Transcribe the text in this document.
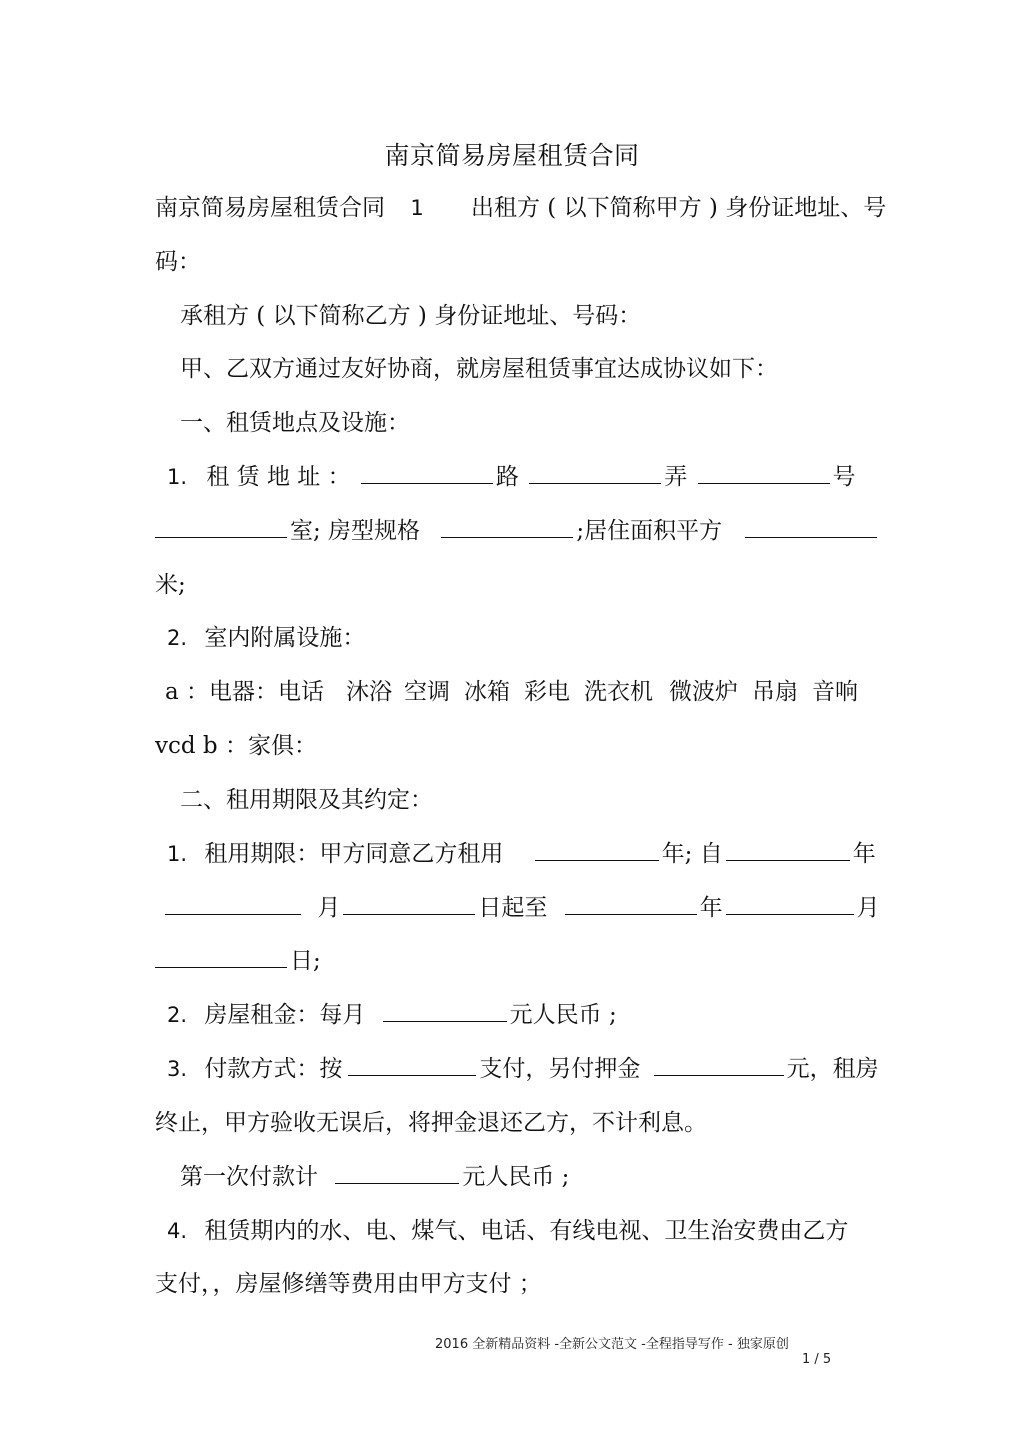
南京简易房屋租赁合同
南京简易房屋租赁合同 1 出租方 ( 以下简称甲方 ) 身份证地址、号
码：
承租方 ( 以下简称乙方 ) 身份证地址、号码：
甲、乙双方通过友好协商，就房屋租赁事宜达成协议如下：
一、租赁地点及设施：
1. 租 赁 地 址 ：	路	弄	号
室; 房型规格	;居住面积平方
米;
2. 室内附属设施：
a ：电器：电话 沐浴 空调 冰箱 彩电 洗衣机 微波炉 吊扇 音响
vcd b ：家俱：
二、租用期限及其约定：
1. 租用期限：甲方同意乙方租用	年; 自	年
月	日起至	年	月
日;
2. 房屋租金：每月	元人民币 ;
3. 付款方式：按	支付，另付押金	元，租房
终止，甲方验收无误后，将押金退还乙方，不计利息。
第一次付款计	元人民币 ;
4. 租赁期内的水、电、煤气、电话、有线电视、卫生治安费由乙方
支付，，房屋修缮等费用由甲方支付 ；
2016 全新精品资料 -全新公文范文 -全程指导写作 - 独家原创
1 / 5
